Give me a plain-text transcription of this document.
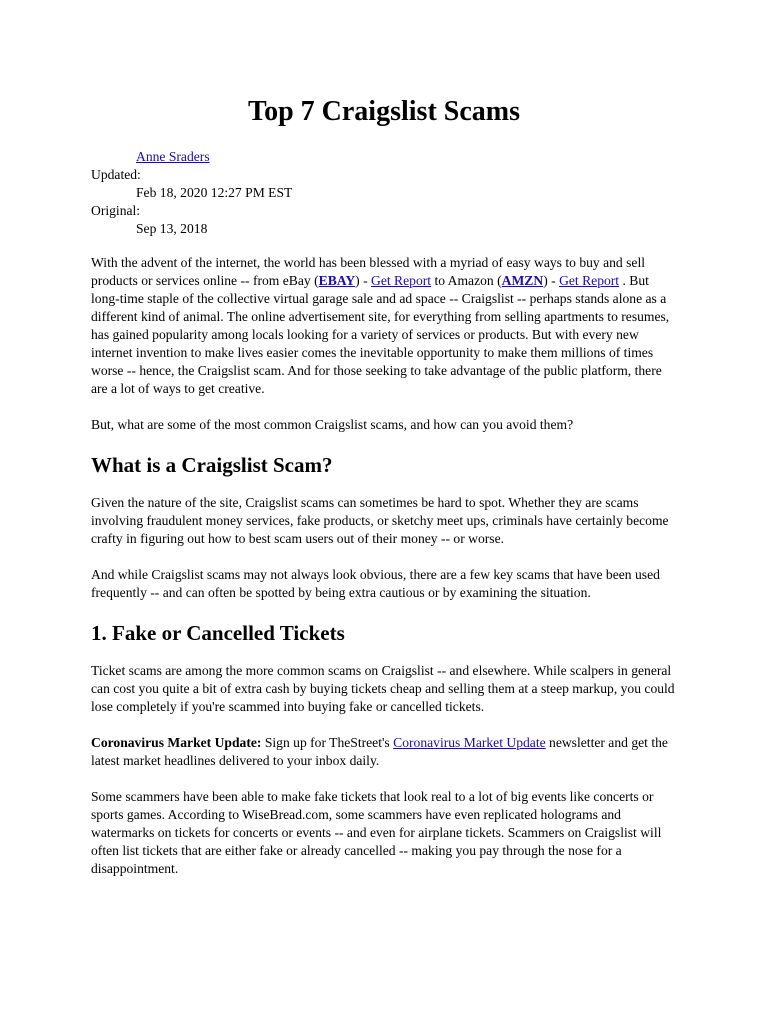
Top 7 Craigslist Scams
Anne Sraders
Updated:
Feb 18, 2020 12:27 PM EST
Original:
Sep 13, 2018

With the advent of the internet, the world has been blessed with a myriad of easy ways to buy and sell products or services online -- from eBay (EBAY) - Get Report to Amazon (AMZN) - Get Report . But long-time staple of the collective virtual garage sale and ad space -- Craigslist -- perhaps stands alone as a different kind of animal. The online advertisement site, for everything from selling apartments to resumes, has gained popularity among locals looking for a variety of services or products. But with every new internet invention to make lives easier comes the inevitable opportunity to make them millions of times worse -- hence, the Craigslist scam. And for those seeking to take advantage of the public platform, there are a lot of ways to get creative.

But, what are some of the most common Craigslist scams, and how can you avoid them?

What is a Craigslist Scam?

Given the nature of the site, Craigslist scams can sometimes be hard to spot. Whether they are scams involving fraudulent money services, fake products, or sketchy meet ups, criminals have certainly become crafty in figuring out how to best scam users out of their money -- or worse.

And while Craigslist scams may not always look obvious, there are a few key scams that have been used frequently -- and can often be spotted by being extra cautious or by examining the situation.

1. Fake or Cancelled Tickets

Ticket scams are among the more common scams on Craigslist -- and elsewhere. While scalpers in general can cost you quite a bit of extra cash by buying tickets cheap and selling them at a steep markup, you could lose completely if you're scammed into buying fake or cancelled tickets.

Coronavirus Market Update: Sign up for TheStreet's Coronavirus Market Update newsletter and get the latest market headlines delivered to your inbox daily.

Some scammers have been able to make fake tickets that look real to a lot of big events like concerts or sports games. According to WiseBread.com, some scammers have even replicated holograms and watermarks on tickets for concerts or events -- and even for airplane tickets. Scammers on Craigslist will often list tickets that are either fake or already cancelled -- making you pay through the nose for a disappointment.
